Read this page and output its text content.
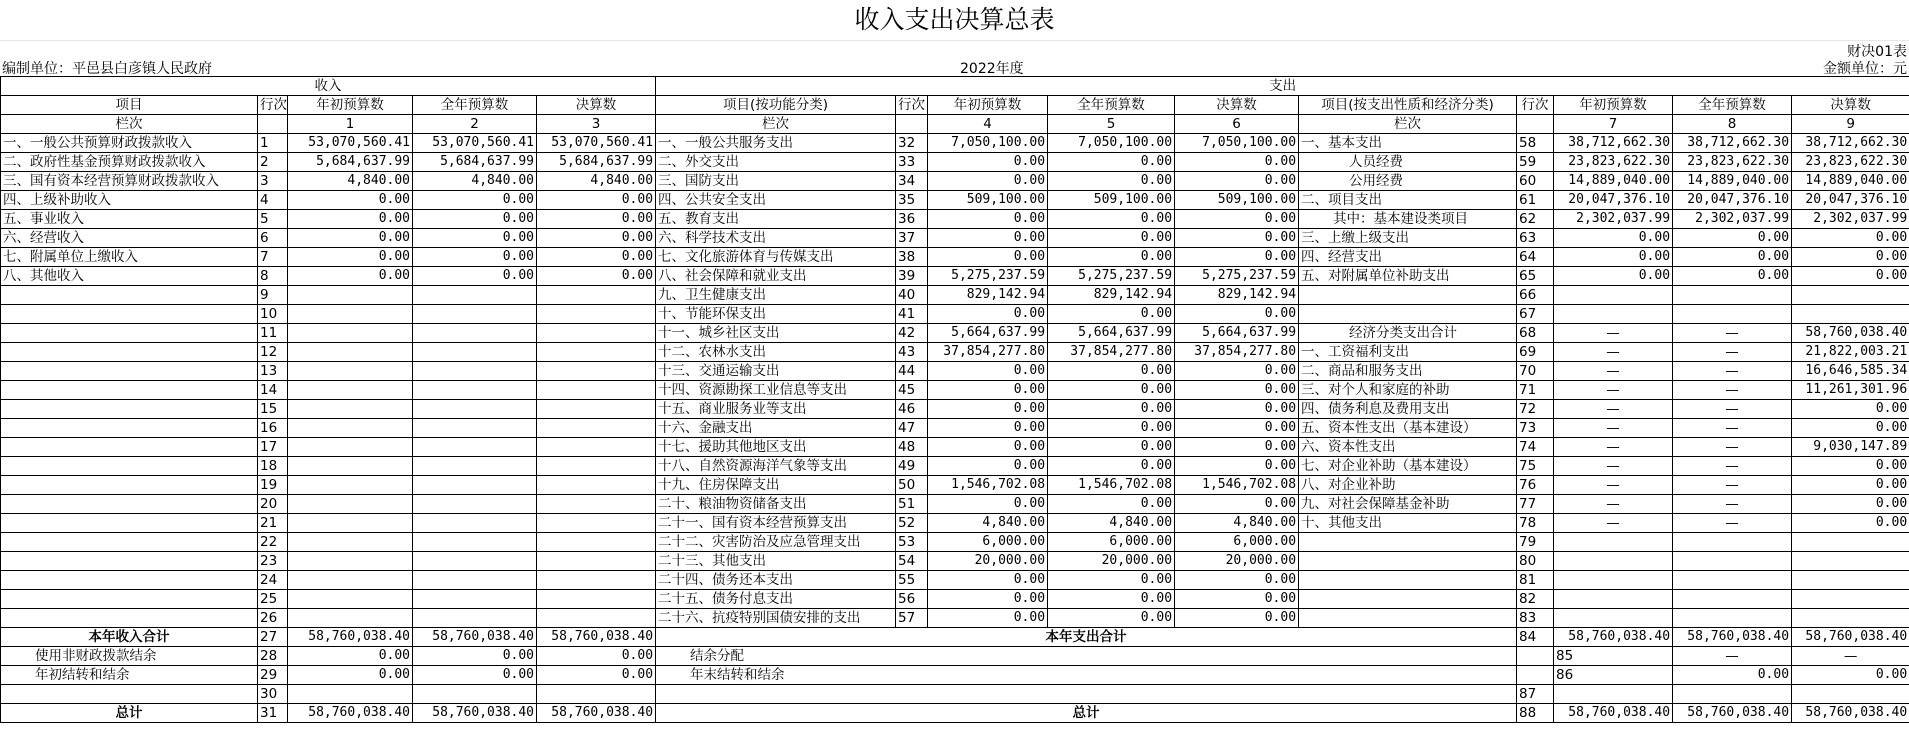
收入支出决算总表
编制单位：平邑县白彦镇人民政府	2022年度
财决01表
金额单位：元
收入					支出										
项目	行次	年初预算数	全年预算数	决算数	项目(按功能分类)	行次	年初预算数	全年预算数	决算数	项目(按支出性质和经济分类)	行次	年初预算数	全年预算数	决算数	
栏次		1	2	3	栏次		4	5	6	栏次		7	8	9	
一、一般公共预算财政拨款收入	1	53,070,560.41	53,070,560.41	53,070,560.41	一、一般公共服务支出	32	7,050,100.00	7,050,100.00	7,050,100.00	一、基本支出	58	38,712,662.30	38,712,662.30	38,712,662.30	
二、政府性基金预算财政拨款收入	2	5,684,637.99	5,684,637.99	5,684,637.99	二、外交支出	33	0.00	0.00	0.00	人员经费	59	23,823,622.30	23,823,622.30	23,823,622.30	
三、国有资本经营预算财政拨款收入	3	4,840.00	4,840.00	4,840.00	三、国防支出	34	0.00	0.00	0.00	公用经费	60	14,889,040.00	14,889,040.00	14,889,040.00	
四、上级补助收入	4	0.00	0.00	0.00	四、公共安全支出	35	509,100.00	509,100.00	509,100.00	二、项目支出	61	20,047,376.10	20,047,376.10	20,047,376.10	
五、事业收入	5	0.00	0.00	0.00	五、教育支出	36	0.00	0.00	0.00	其中：基本建设类项目	62	2,302,037.99	2,302,037.99	2,302,037.99	
六、经营收入	6	0.00	0.00	0.00	六、科学技术支出	37	0.00	0.00	0.00	三、上缴上级支出	63	0.00	0.00	0.00	
七、附属单位上缴收入	7	0.00	0.00	0.00	七、文化旅游体育与传媒支出	38	0.00	0.00	0.00	四、经营支出	64	0.00	0.00	0.00	
八、其他收入	8	0.00	0.00	0.00	八、社会保障和就业支出	39	5,275,237.59	5,275,237.59	5,275,237.59	五、对附属单位补助支出	65	0.00	0.00	0.00	
	9				九、卫生健康支出	40	829,142.94	829,142.94	829,142.94		66				
	10				十、节能环保支出	41	0.00	0.00	0.00		67				
	11				十一、城乡社区支出	42	5,664,637.99	5,664,637.99	5,664,637.99	经济分类支出合计	68	—	—	58,760,038.40	
	12				十二、农林水支出	43	37,854,277.80	37,854,277.80	37,854,277.80	一、工资福利支出	69	—	—	21,822,003.21	
	13				十三、交通运输支出	44	0.00	0.00	0.00	二、商品和服务支出	70	—	—	16,646,585.34	
	14				十四、资源勘探工业信息等支出	45	0.00	0.00	0.00	三、对个人和家庭的补助	71	—	—	11,261,301.96	
	15				十五、商业服务业等支出	46	0.00	0.00	0.00	四、债务利息及费用支出	72	—	—	0.00	
	16				十六、金融支出	47	0.00	0.00	0.00	五、资本性支出（基本建设）	73	—	—	0.00	
	17				十七、援助其他地区支出	48	0.00	0.00	0.00	六、资本性支出	74	—	—	9,030,147.89	
	18				十八、自然资源海洋气象等支出	49	0.00	0.00	0.00	七、对企业补助（基本建设）	75	—	—	0.00	
	19				十九、住房保障支出	50	1,546,702.08	1,546,702.08	1,546,702.08	八、对企业补助	76	—	—	0.00	
	20				二十、粮油物资储备支出	51	0.00	0.00	0.00	九、对社会保障基金补助	77	—	—	0.00	
	21				二十一、国有资本经营预算支出	52	4,840.00	4,840.00	4,840.00	十、其他支出	78	—	—	0.00	
	22				二十二、灾害防治及应急管理支出	53	6,000.00	6,000.00	6,000.00		79				
	23				二十三、其他支出	54	20,000.00	20,000.00	20,000.00		80				
	24				二十四、债务还本支出	55	0.00	0.00	0.00		81				
	25				二十五、债务付息支出	56	0.00	0.00	0.00		82				
	26				二十六、抗疫特别国债安排的支出	57	0.00	0.00	0.00		83				
本年收入合计	27	58,760,038.40	58,760,038.40	58,760,038.40	本年支出合计						84	58,760,038.40	58,760,038.40	58,760,038.40	
使用非财政拨款结余	28	0.00	0.00	0.00	结余分配							85	—	—	
年初结转和结余	29	0.00	0.00	0.00	年末结转和结余							86	0.00	0.00	
	30										87				
总计	31	58,760,038.40	58,760,038.40	58,760,038.40	总计						88	58,760,038.40	58,760,038.40	58,760,038.40	
